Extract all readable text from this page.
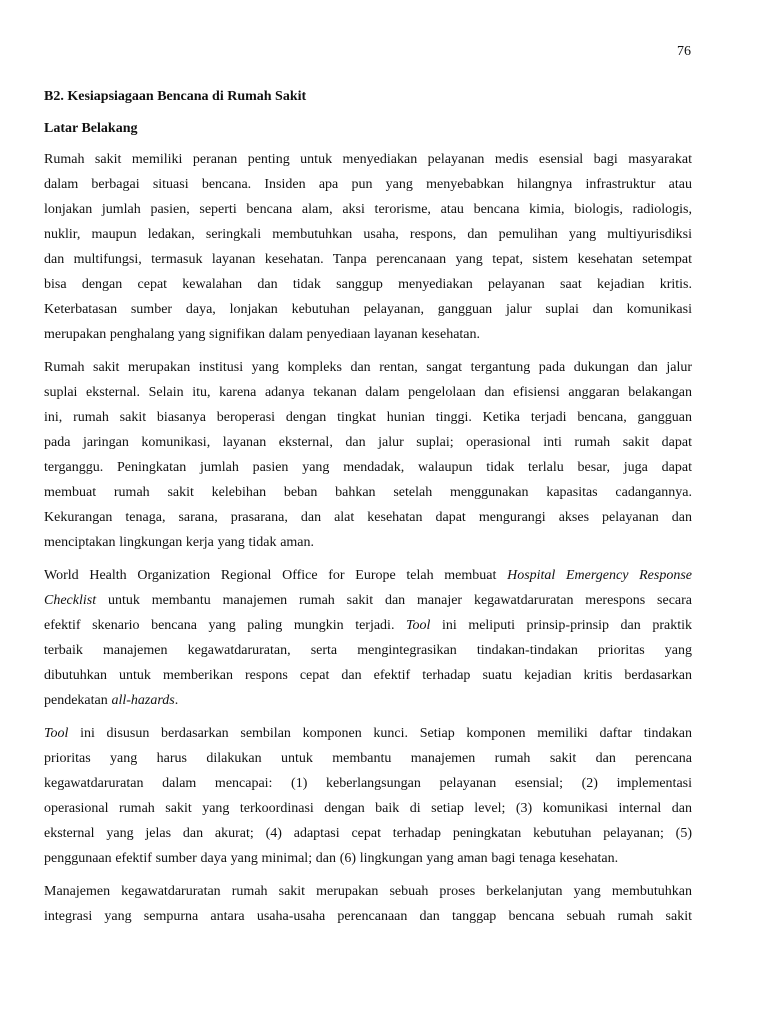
76
B2. Kesiapsiagaan Bencana di Rumah Sakit
Latar Belakang

Rumah sakit memiliki peranan penting untuk menyediakan pelayanan medis esensial bagi masyarakat
dalam berbagai situasi bencana. Insiden apa pun yang menyebabkan hilangnya infrastruktur atau
lonjakan jumlah pasien, seperti bencana alam, aksi terorisme, atau bencana kimia, biologis, radiologis,
nuklir, maupun ledakan, seringkali membutuhkan usaha, respons, dan pemulihan yang multiyurisdiksi
dan multifungsi, termasuk layanan kesehatan. Tanpa perencanaan yang tepat, sistem kesehatan setempat
bisa dengan cepat kewalahan dan tidak sanggup menyediakan pelayanan saat kejadian kritis.
Keterbatasan sumber daya, lonjakan kebutuhan pelayanan, gangguan jalur suplai dan komunikasi
merupakan penghalang yang signifikan dalam penyediaan layanan kesehatan.

Rumah sakit merupakan institusi yang kompleks dan rentan, sangat tergantung pada dukungan dan jalur
suplai eksternal. Selain itu, karena adanya tekanan dalam pengelolaan dan efisiensi anggaran belakangan
ini, rumah sakit biasanya beroperasi dengan tingkat hunian tinggi. Ketika terjadi bencana, gangguan
pada jaringan komunikasi, layanan eksternal, dan jalur suplai; operasional inti rumah sakit dapat
terganggu. Peningkatan jumlah pasien yang mendadak, walaupun tidak terlalu besar, juga dapat
membuat rumah sakit kelebihan beban bahkan setelah menggunakan kapasitas cadangannya.
Kekurangan tenaga, sarana, prasarana, dan alat kesehatan dapat mengurangi akses pelayanan dan
menciptakan lingkungan kerja yang tidak aman.

World Health Organization Regional Office for Europe telah membuat Hospital Emergency Response
Checklist untuk membantu manajemen rumah sakit dan manajer kegawatdaruratan merespons secara
efektif skenario bencana yang paling mungkin terjadi. Tool ini meliputi prinsip-prinsip dan praktik
terbaik manajemen kegawatdaruratan, serta mengintegrasikan tindakan-tindakan prioritas yang
dibutuhkan untuk memberikan respons cepat dan efektif terhadap suatu kejadian kritis berdasarkan
pendekatan all-hazards.

Tool ini disusun berdasarkan sembilan komponen kunci. Setiap komponen memiliki daftar tindakan
prioritas yang harus dilakukan untuk membantu manajemen rumah sakit dan perencana
kegawatdaruratan dalam mencapai: (1) keberlangsungan pelayanan esensial; (2) implementasi
operasional rumah sakit yang terkoordinasi dengan baik di setiap level; (3) komunikasi internal dan
eksternal yang jelas dan akurat; (4) adaptasi cepat terhadap peningkatan kebutuhan pelayanan; (5)
penggunaan efektif sumber daya yang minimal; dan (6) lingkungan yang aman bagi tenaga kesehatan.

Manajemen kegawatdaruratan rumah sakit merupakan sebuah proses berkelanjutan yang membutuhkan
integrasi yang sempurna antara usaha-usaha perencanaan dan tanggap bencana sebuah rumah sakit
